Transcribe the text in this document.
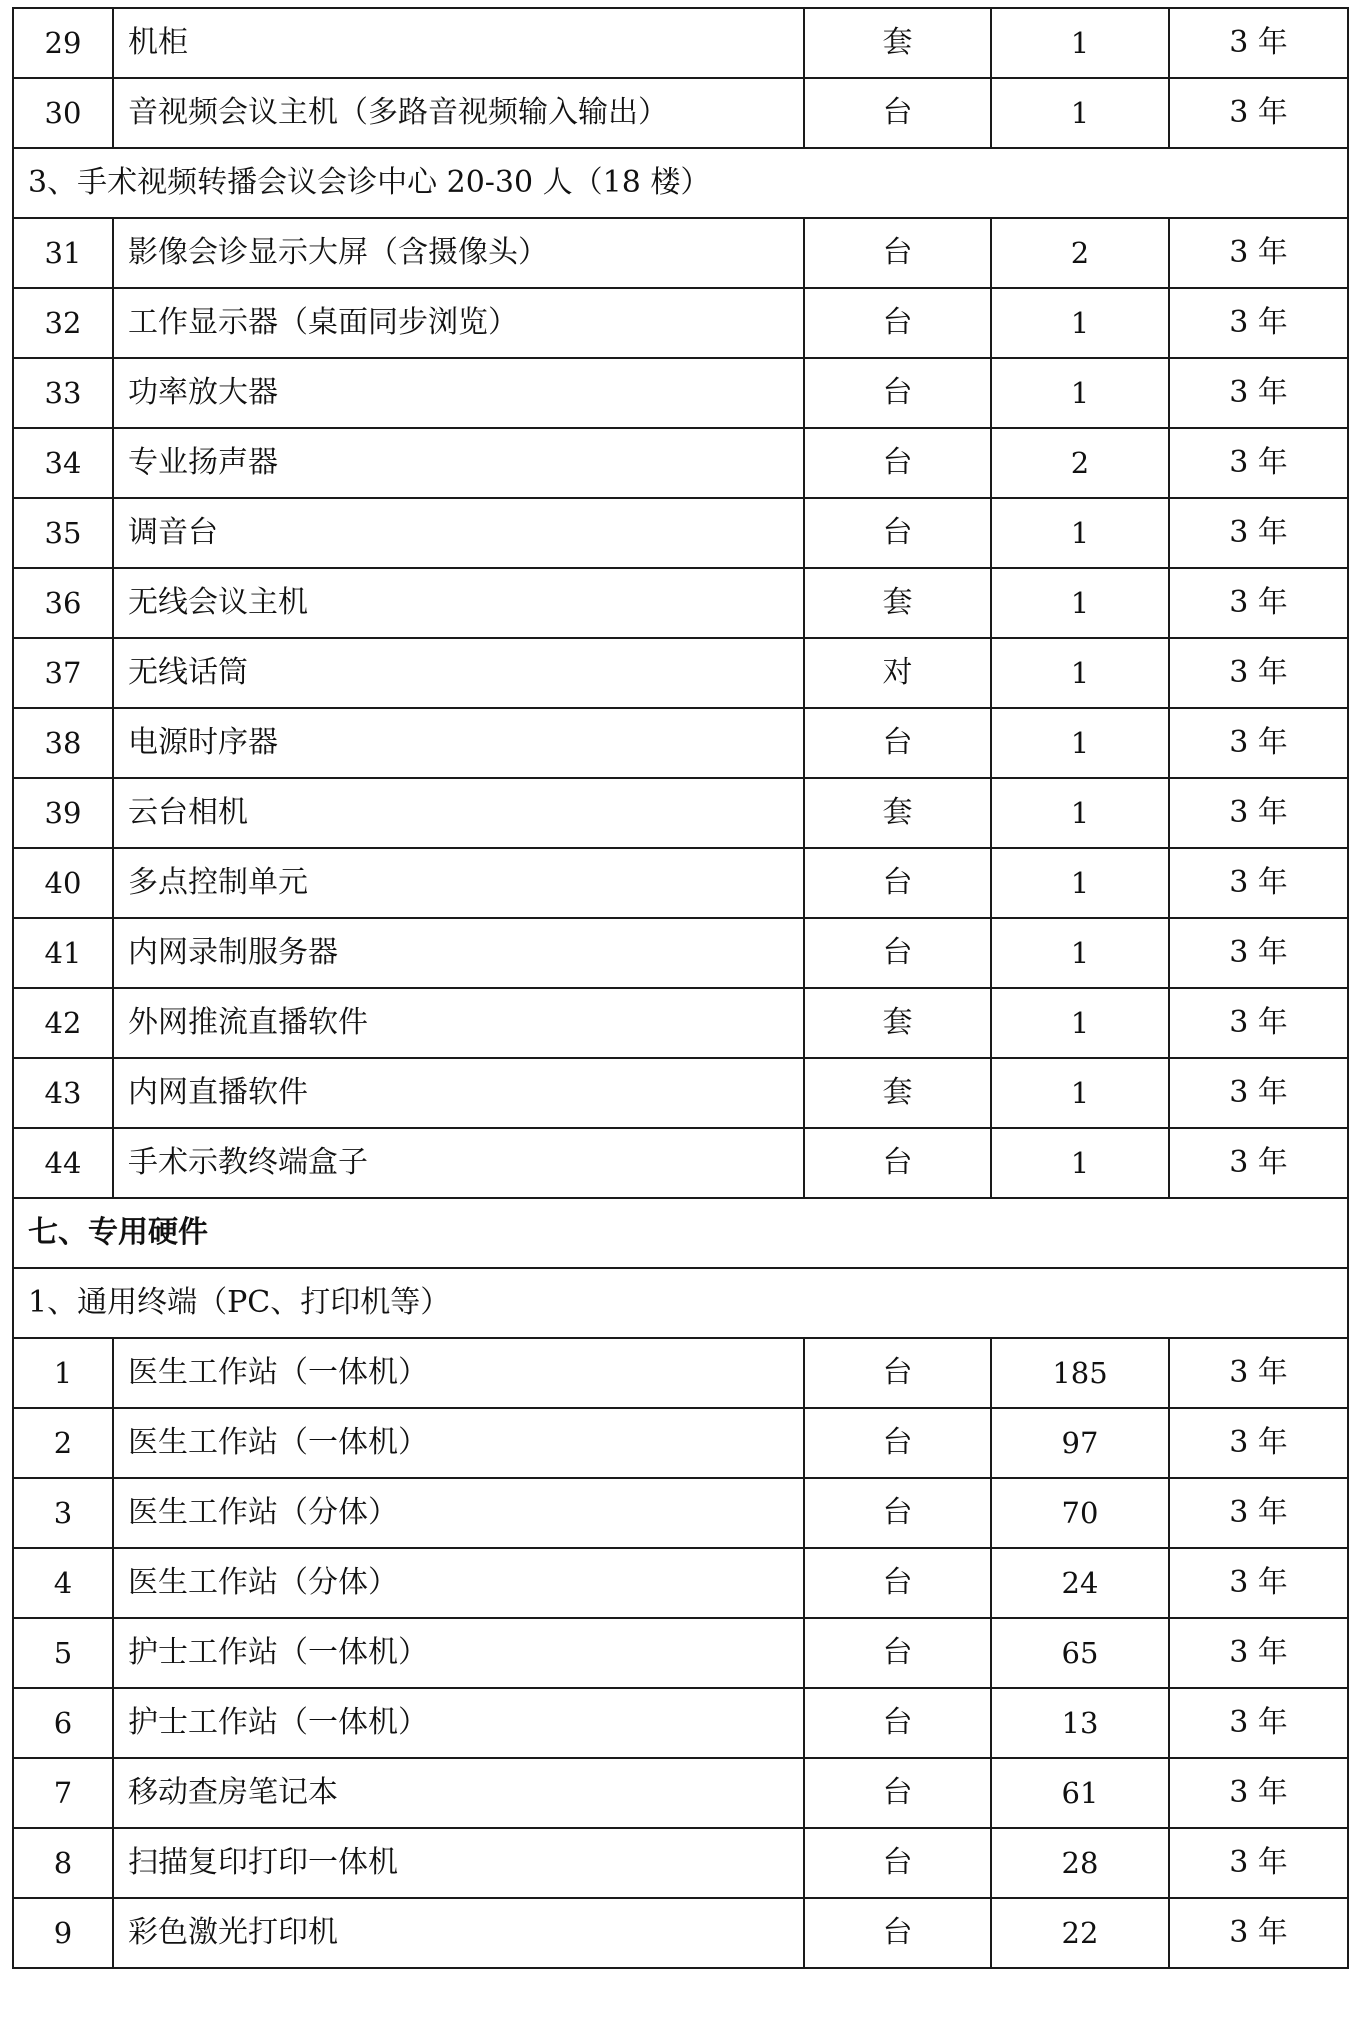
29	机柜	套	1	3 年
30	音视频会议主机（多路音视频输入输出）	台	1	3 年
3、手术视频转播会议会诊中心 20-30 人（18 楼）				
31	影像会诊显示大屏（含摄像头）	台	2	3 年
32	工作显示器（桌面同步浏览）	台	1	3 年
33	功率放大器	台	1	3 年
34	专业扬声器	台	2	3 年
35	调音台	台	1	3 年
36	无线会议主机	套	1	3 年
37	无线话筒	对	1	3 年
38	电源时序器	台	1	3 年
39	云台相机	套	1	3 年
40	多点控制单元	台	1	3 年
41	内网录制服务器	台	1	3 年
42	外网推流直播软件	套	1	3 年
43	内网直播软件	套	1	3 年
44	手术示教终端盒子	台	1	3 年
七、专用硬件				
1、通用终端（PC、打印机等）				
1	医生工作站（一体机）	台	185	3 年
2	医生工作站（一体机）	台	97	3 年
3	医生工作站（分体）	台	70	3 年
4	医生工作站（分体）	台	24	3 年
5	护士工作站（一体机）	台	65	3 年
6	护士工作站（一体机）	台	13	3 年
7	移动查房笔记本	台	61	3 年
8	扫描复印打印一体机	台	28	3 年
9	彩色激光打印机	台	22	3 年
